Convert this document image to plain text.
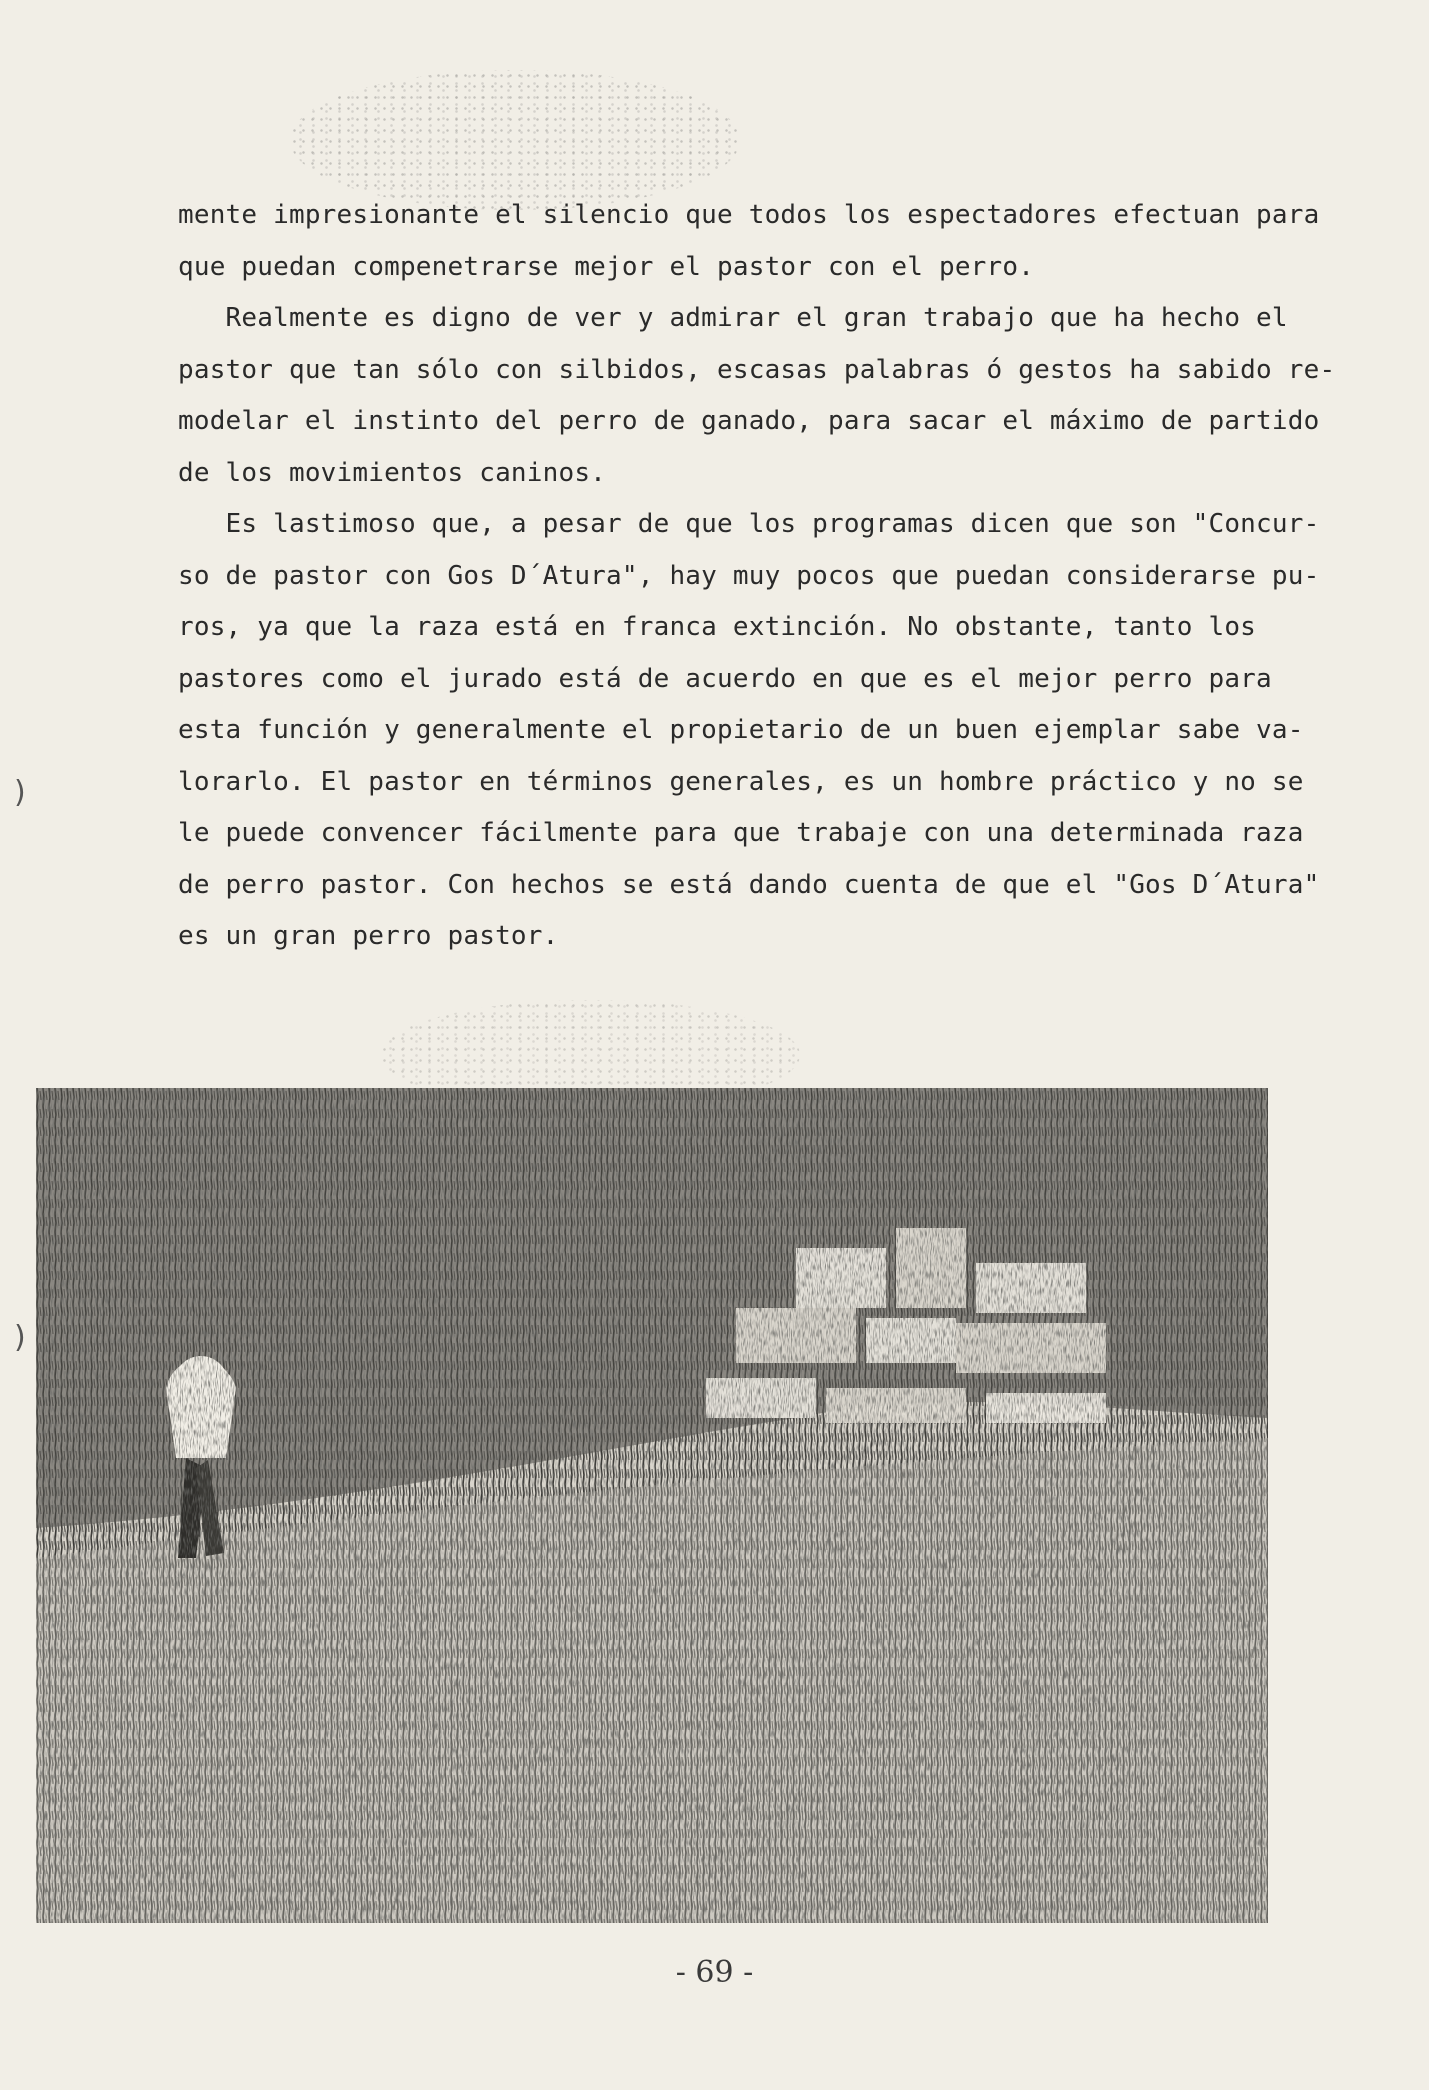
mente impresionante el silencio que todos los espectadores efectuan para
que puedan compenetrarse mejor el pastor con el perro.
Realmente es digno de ver y admirar el gran trabajo que ha hecho el
pastor que tan sólo con silbidos, escasas palabras ó gestos ha sabido re-
modelar el instinto del perro de ganado, para sacar el máximo de partido
de los movimientos caninos.
Es lastimoso que, a pesar de que los programas dicen que son "Concur-
so de pastor con Gos D´Atura", hay muy pocos que puedan considerarse pu-
ros, ya que la raza está en franca extinción. No obstante, tanto los
pastores como el jurado está de acuerdo en que es el mejor perro para
esta función y generalmente el propietario de un buen ejemplar sabe va-
lorarlo. El pastor en términos generales, es un hombre práctico y no se
le puede convencer fácilmente para que trabaje con una determinada raza
de perro pastor. Con hechos se está dando cuenta de que el "Gos D´Atura"
es un gran perro pastor.
)
)
- 69 -
